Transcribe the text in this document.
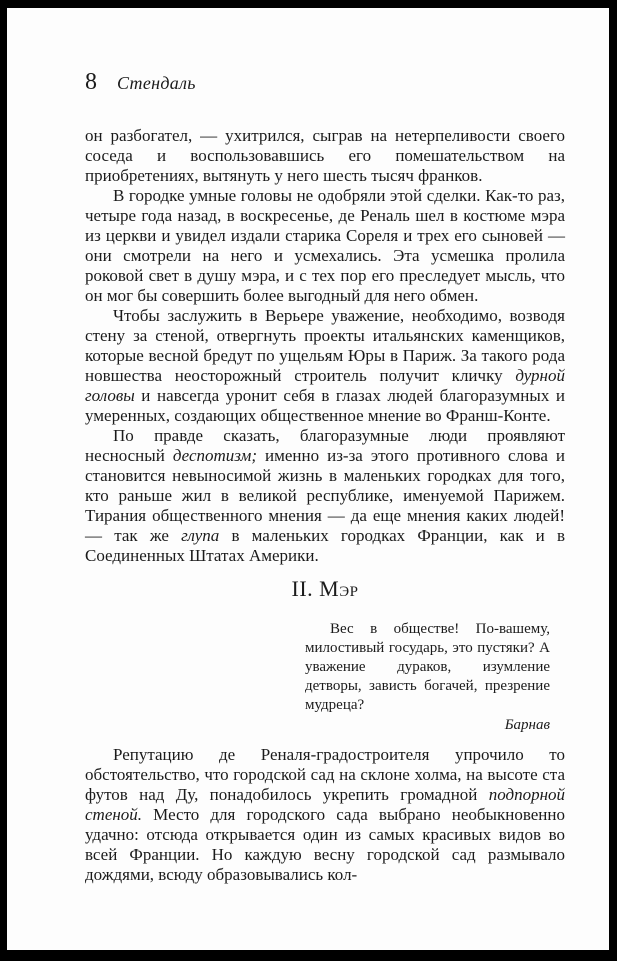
8 Стендаль

он разбогател, — ухитрился, сыграв на нетерпеливости своего соседа и воспользовавшись его помешательством на приобретениях, вытянуть у него шесть тысяч франков.

В городке умные головы не одобряли этой сделки. Как-то раз, четыре года назад, в воскресенье, де Реналь шел в костюме мэра из церкви и увидел издали старика Сореля и трех его сыновей — они смотрели на него и усмехались. Эта усмешка пролила роковой свет в душу мэра, и с тех пор его преследует мысль, что он мог бы совершить более выгодный для него обмен.

Чтобы заслужить в Верьере уважение, необходимо, возводя стену за стеной, отвергнуть проекты итальянских каменщиков, которые весной бредут по ущельям Юры в Париж. За такого рода новшества неосторожный строитель получит кличку дурной головы и навсегда уронит себя в глазах людей благоразумных и умеренных, создающих общественное мнение во Франш-Конте.

По правде сказать, благоразумные люди проявляют несносный деспотизм; именно из-за этого противного слова и становится невыносимой жизнь в маленьких городках для того, кто раньше жил в великой республике, именуемой Парижем. Тирания общественного мнения — да еще мнения каких людей! — так же глупа в маленьких городках Франции, как и в Соединенных Штатах Америки.

II. Мэр
Вес в обществе! По-вашему, милостивый государь, это пустяки? А уважение дураков, изумление детворы, зависть богачей, презрение мудреца?
Барнав

Репутацию де Реналя-градостроителя упрочило то обстоятельство, что городской сад на склоне холма, на высоте ста футов над Ду, понадобилось укрепить громадной подпорной стеной. Место для городского сада выбрано необыкновенно удачно: отсюда открывается один из самых красивых видов во всей Франции. Но каждую весну городской сад размывало дождями, всюду образовывались кол-
